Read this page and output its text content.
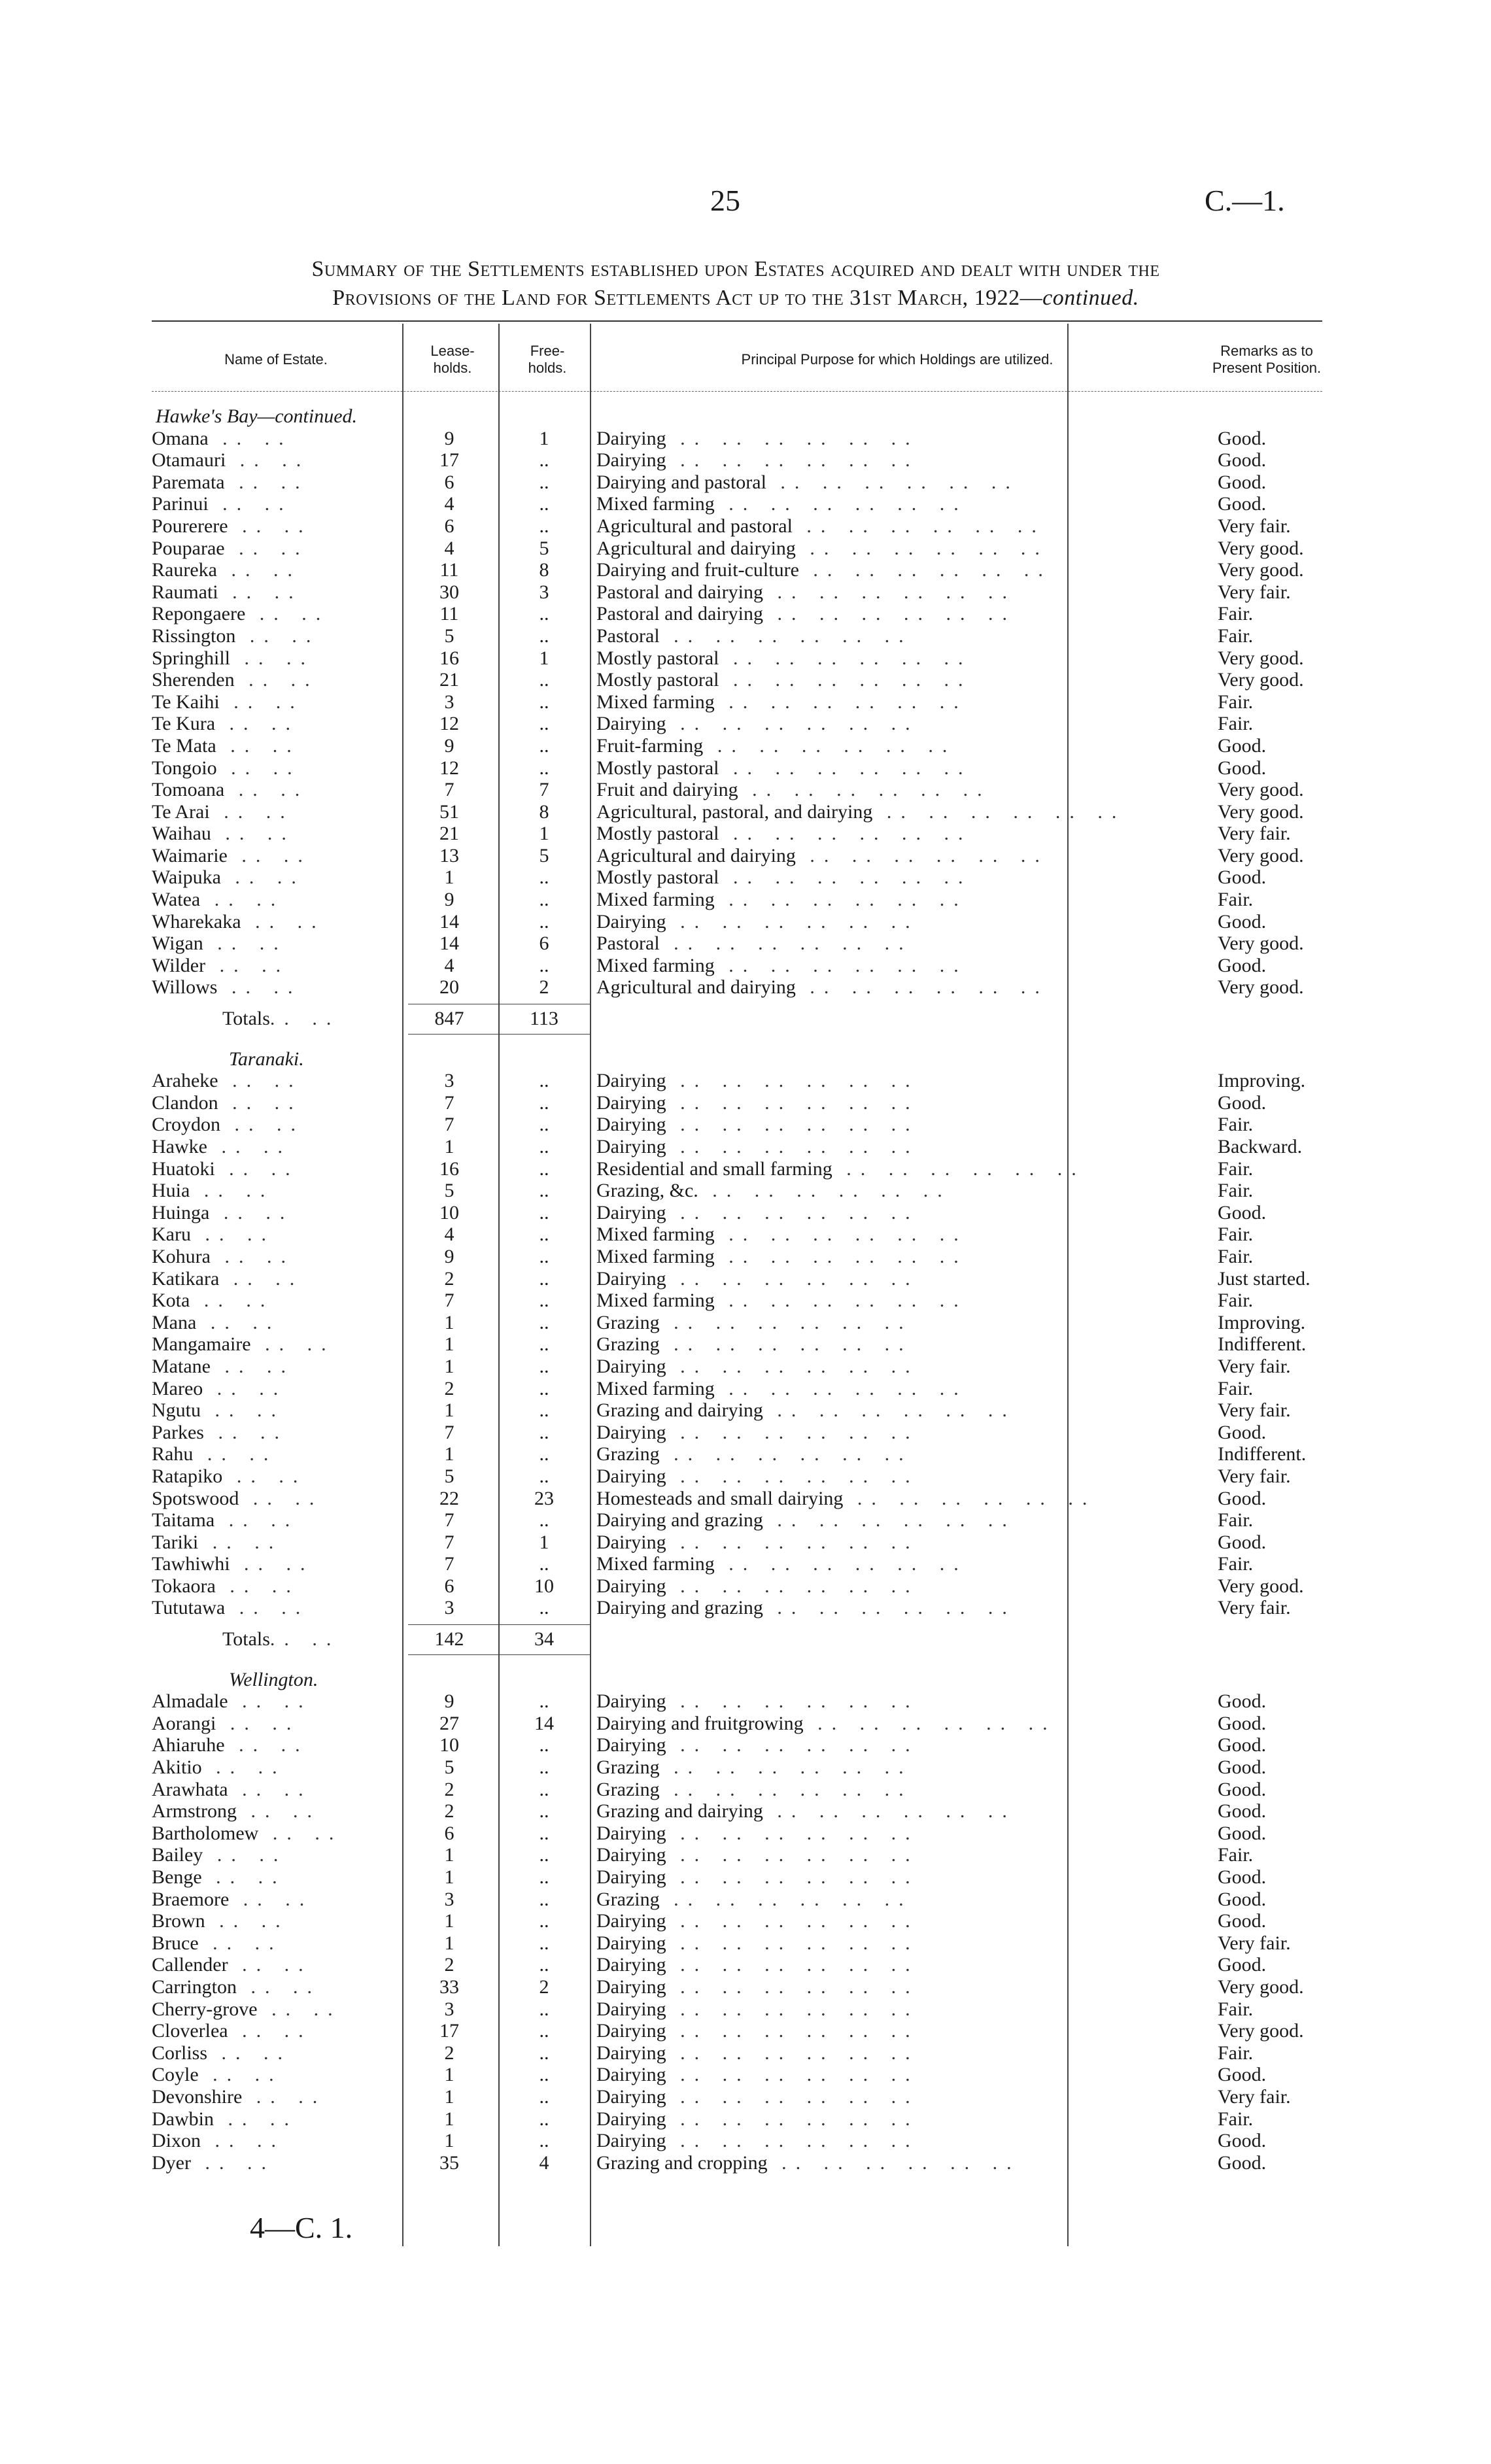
25	C.—1.
Summary of the Settlements established upon Estates acquired and dealt with under the
Provisions of the Land for Settlements Act up to the 31st March, 1922—continued.
Name of Estate.
Lease-
holds.
Free-
holds.
Principal Purpose for which Holdings are utilized.
Remarks as to Present Position.
Hawke's Bay—continued.
Omana .. ..	9	1	Dairying .. .. .. .. .. ..	Good.
Otamauri .. ..	17	..	Dairying .. .. .. .. .. ..	Good.
Paremata .. ..	6	..	Dairying and pastoral .. .. .. .. .. ..	Good.
Parinui .. ..	4	..	Mixed farming .. .. .. .. .. ..	Good.
Pourerere .. ..	6	..	Agricultural and pastoral .. .. .. .. .. ..	Very fair.
Pouparae .. ..	4	5	Agricultural and dairying .. .. .. .. .. ..	Very good.
Raureka .. ..	11	8	Dairying and fruit-culture .. .. .. .. .. ..	Very good.
Raumati .. ..	30	3	Pastoral and dairying .. .. .. .. .. ..	Very fair.
Repongaere .. ..	11	..	Pastoral and dairying .. .. .. .. .. ..	Fair.
Rissington .. ..	5	..	Pastoral .. .. .. .. .. ..	Fair.
Springhill .. ..	16	1	Mostly pastoral .. .. .. .. .. ..	Very good.
Sherenden .. ..	21	..	Mostly pastoral .. .. .. .. .. ..	Very good.
Te Kaihi .. ..	3	..	Mixed farming .. .. .. .. .. ..	Fair.
Te Kura .. ..	12	..	Dairying .. .. .. .. .. ..	Fair.
Te Mata .. ..	9	..	Fruit-farming .. .. .. .. .. ..	Good.
Tongoio .. ..	12	..	Mostly pastoral .. .. .. .. .. ..	Good.
Tomoana .. ..	7	7	Fruit and dairying .. .. .. .. .. ..	Very good.
Te Arai .. ..	51	8	Agricultural, pastoral, and dairying .. .. .. .. .. ..	Very good.
Waihau .. ..	21	1	Mostly pastoral .. .. .. .. .. ..	Very fair.
Waimarie .. ..	13	5	Agricultural and dairying .. .. .. .. .. ..	Very good.
Waipuka .. ..	1	..	Mostly pastoral .. .. .. .. .. ..	Good.
Watea .. ..	9	..	Mixed farming .. .. .. .. .. ..	Fair.
Wharekaka .. ..	14	..	Dairying .. .. .. .. .. ..	Good.
Wigan .. ..	14	6	Pastoral .. .. .. .. .. ..	Very good.
Wilder .. ..	4	..	Mixed farming .. .. .. .. .. ..	Good.
Willows .. ..	20	2	Agricultural and dairying .. .. .. .. .. ..	Very good.
Totals.. ..	847	113
Taranaki.
Araheke .. ..	3	..	Dairying .. .. .. .. .. ..	Improving.
Clandon .. ..	7	..	Dairying .. .. .. .. .. ..	Good.
Croydon .. ..	7	..	Dairying .. .. .. .. .. ..	Fair.
Hawke .. ..	1	..	Dairying .. .. .. .. .. ..	Backward.
Huatoki .. ..	16	..	Residential and small farming .. .. .. .. .. ..	Fair.
Huia .. ..	5	..	Grazing, &c. .. .. .. .. .. ..	Fair.
Huinga .. ..	10	..	Dairying .. .. .. .. .. ..	Good.
Karu .. ..	4	..	Mixed farming .. .. .. .. .. ..	Fair.
Kohura .. ..	9	..	Mixed farming .. .. .. .. .. ..	Fair.
Katikara .. ..	2	..	Dairying .. .. .. .. .. ..	Just started.
Kota .. ..	7	..	Mixed farming .. .. .. .. .. ..	Fair.
Mana .. ..	1	..	Grazing .. .. .. .. .. ..	Improving.
Mangamaire .. ..	1	..	Grazing .. .. .. .. .. ..	Indifferent.
Matane .. ..	1	..	Dairying .. .. .. .. .. ..	Very fair.
Mareo .. ..	2	..	Mixed farming .. .. .. .. .. ..	Fair.
Ngutu .. ..	1	..	Grazing and dairying .. .. .. .. .. ..	Very fair.
Parkes .. ..	7	..	Dairying .. .. .. .. .. ..	Good.
Rahu .. ..	1	..	Grazing .. .. .. .. .. ..	Indifferent.
Ratapiko .. ..	5	..	Dairying .. .. .. .. .. ..	Very fair.
Spotswood .. ..	22	23	Homesteads and small dairying .. .. .. .. .. ..	Good.
Taitama .. ..	7	..	Dairying and grazing .. .. .. .. .. ..	Fair.
Tariki .. ..	7	1	Dairying .. .. .. .. .. ..	Good.
Tawhiwhi .. ..	7	..	Mixed farming .. .. .. .. .. ..	Fair.
Tokaora .. ..	6	10	Dairying .. .. .. .. .. ..	Very good.
Tututawa .. ..	3	..	Dairying and grazing .. .. .. .. .. ..	Very fair.
Totals.. ..	142	34
Wellington.
Almadale .. ..	9	..	Dairying .. .. .. .. .. ..	Good.
Aorangi .. ..	27	14	Dairying and fruitgrowing .. .. .. .. .. ..	Good.
Ahiaruhe .. ..	10	..	Dairying .. .. .. .. .. ..	Good.
Akitio .. ..	5	..	Grazing .. .. .. .. .. ..	Good.
Arawhata .. ..	2	..	Grazing .. .. .. .. .. ..	Good.
Armstrong .. ..	2	..	Grazing and dairying .. .. .. .. .. ..	Good.
Bartholomew .. ..	6	..	Dairying .. .. .. .. .. ..	Good.
Bailey .. ..	1	..	Dairying .. .. .. .. .. ..	Fair.
Benge .. ..	1	..	Dairying .. .. .. .. .. ..	Good.
Braemore .. ..	3	..	Grazing .. .. .. .. .. ..	Good.
Brown .. ..	1	..	Dairying .. .. .. .. .. ..	Good.
Bruce .. ..	1	..	Dairying .. .. .. .. .. ..	Very fair.
Callender .. ..	2	..	Dairying .. .. .. .. .. ..	Good.
Carrington .. ..	33	2	Dairying .. .. .. .. .. ..	Very good.
Cherry-grove .. ..	3	..	Dairying .. .. .. .. .. ..	Fair.
Cloverlea .. ..	17	..	Dairying .. .. .. .. .. ..	Very good.
Corliss .. ..	2	..	Dairying .. .. .. .. .. ..	Fair.
Coyle .. ..	1	..	Dairying .. .. .. .. .. ..	Good.
Devonshire .. ..	1	..	Dairying .. .. .. .. .. ..	Very fair.
Dawbin .. ..	1	..	Dairying .. .. .. .. .. ..	Fair.
Dixon .. ..	1	..	Dairying .. .. .. .. .. ..	Good.
Dyer .. ..	35	4	Grazing and cropping .. .. .. .. .. ..	Good.
4—C. 1.
